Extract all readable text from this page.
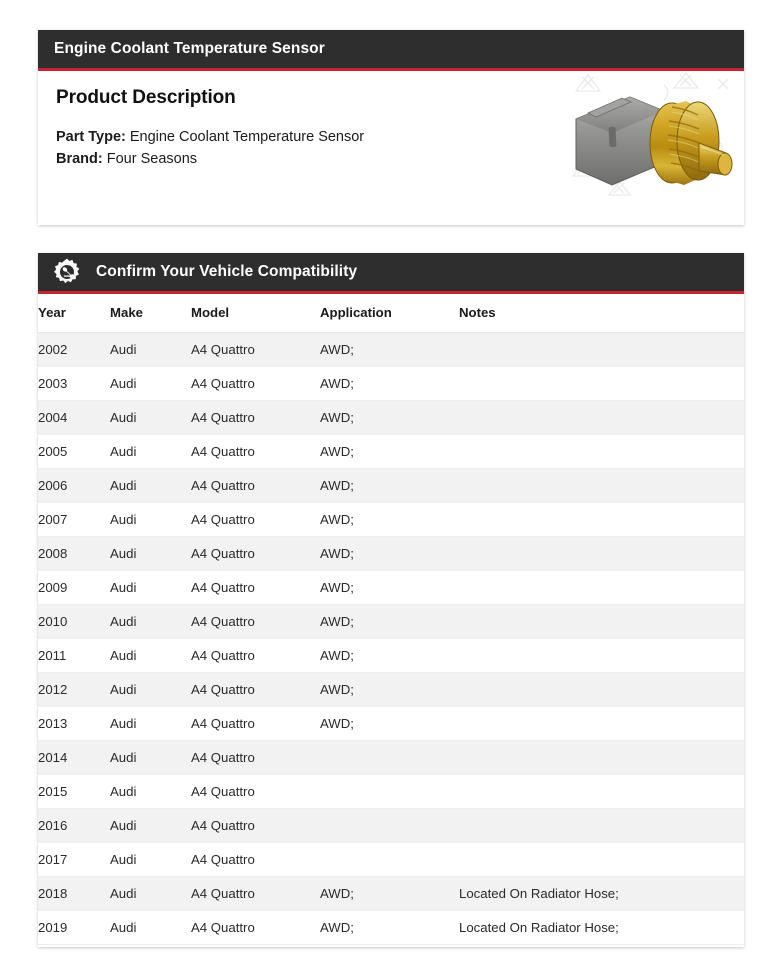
Engine Coolant Temperature Sensor
Product Description
Part Type: Engine Coolant Temperature Sensor
Brand: Four Seasons
Confirm Your Vehicle Compatibility
Year	Make	Model	Application	Notes
2002	Audi	A4 Quattro	AWD;	
2003	Audi	A4 Quattro	AWD;	
2004	Audi	A4 Quattro	AWD;	
2005	Audi	A4 Quattro	AWD;	
2006	Audi	A4 Quattro	AWD;	
2007	Audi	A4 Quattro	AWD;	
2008	Audi	A4 Quattro	AWD;	
2009	Audi	A4 Quattro	AWD;	
2010	Audi	A4 Quattro	AWD;	
2011	Audi	A4 Quattro	AWD;	
2012	Audi	A4 Quattro	AWD;	
2013	Audi	A4 Quattro	AWD;	
2014	Audi	A4 Quattro		
2015	Audi	A4 Quattro		
2016	Audi	A4 Quattro		
2017	Audi	A4 Quattro		
2018	Audi	A4 Quattro	AWD;	Located On Radiator Hose;
2019	Audi	A4 Quattro	AWD;	Located On Radiator Hose;
